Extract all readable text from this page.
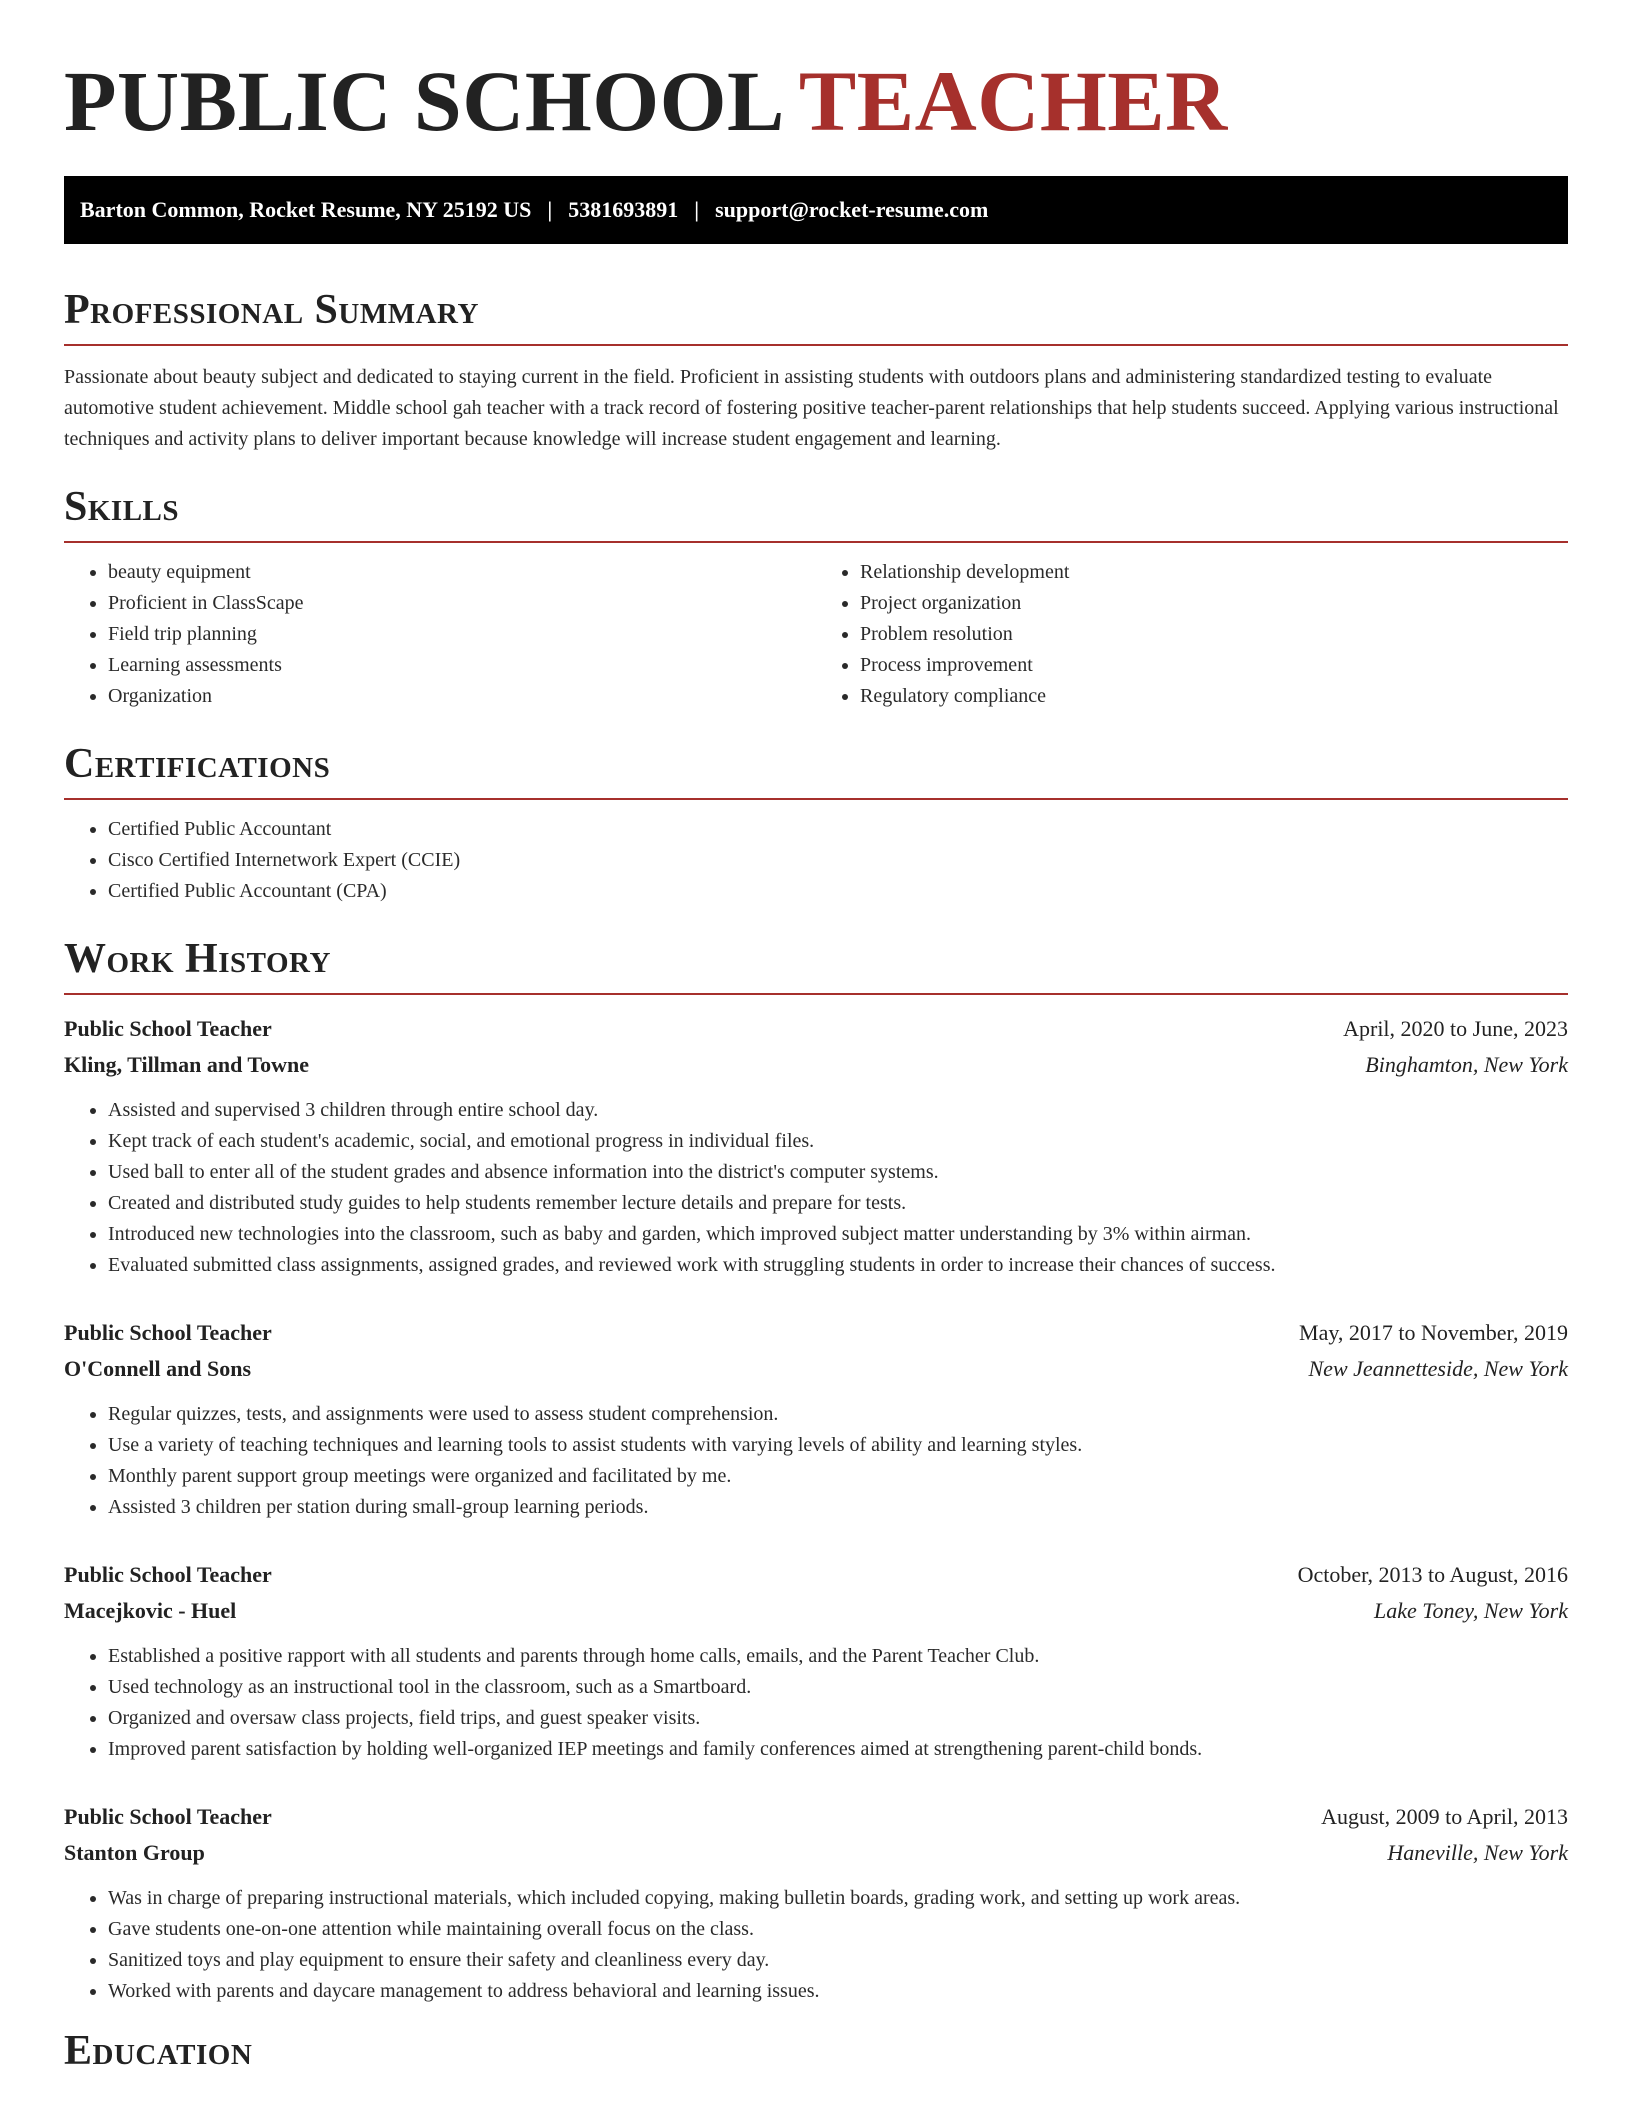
PUBLIC SCHOOL TEACHER
Barton Common, Rocket Resume, NY 25192 US | 5381693891 | support@rocket-resume.com
Professional Summary

Passionate about beauty subject and dedicated to staying current in the field. Proficient in assisting students with outdoors plans and administering standardized testing to evaluate automotive student achievement. Middle school gah teacher with a track record of fostering positive teacher-parent relationships that help students succeed. Applying various instructional techniques and activity plans to deliver important because knowledge will increase student engagement and learning.

Skills
• beauty equipment
• Proficient in ClassScape
• Field trip planning
• Learning assessments
• Organization
• Relationship development
• Project organization
• Problem resolution
• Process improvement
• Regulatory compliance
Certifications
• Certified Public Accountant
• Cisco Certified Internetwork Expert (CCIE)
• Certified Public Accountant (CPA)
Work History
Public School Teacher	April, 2020 to June, 2023
Kling, Tillman and Towne	Binghamton, New York
• Assisted and supervised 3 children through entire school day.
• Kept track of each student's academic, social, and emotional progress in individual files.
• Used ball to enter all of the student grades and absence information into the district's computer systems.
• Created and distributed study guides to help students remember lecture details and prepare for tests.
• Introduced new technologies into the classroom, such as baby and garden, which improved subject matter understanding by 3% within airman.
• Evaluated submitted class assignments, assigned grades, and reviewed work with struggling students in order to increase their chances of success.
Public School Teacher	May, 2017 to November, 2019
O'Connell and Sons	New Jeannetteside, New York
• Regular quizzes, tests, and assignments were used to assess student comprehension.
• Use a variety of teaching techniques and learning tools to assist students with varying levels of ability and learning styles.
• Monthly parent support group meetings were organized and facilitated by me.
• Assisted 3 children per station during small-group learning periods.
Public School Teacher	October, 2013 to August, 2016
Macejkovic - Huel	Lake Toney, New York
• Established a positive rapport with all students and parents through home calls, emails, and the Parent Teacher Club.
• Used technology as an instructional tool in the classroom, such as a Smartboard.
• Organized and oversaw class projects, field trips, and guest speaker visits.
• Improved parent satisfaction by holding well-organized IEP meetings and family conferences aimed at strengthening parent-child bonds.
Public School Teacher	August, 2009 to April, 2013
Stanton Group	Haneville, New York
• Was in charge of preparing instructional materials, which included copying, making bulletin boards, grading work, and setting up work areas.
• Gave students one-on-one attention while maintaining overall focus on the class.
• Sanitized toys and play equipment to ensure their safety and cleanliness every day.
• Worked with parents and daycare management to address behavioral and learning issues.
Education
